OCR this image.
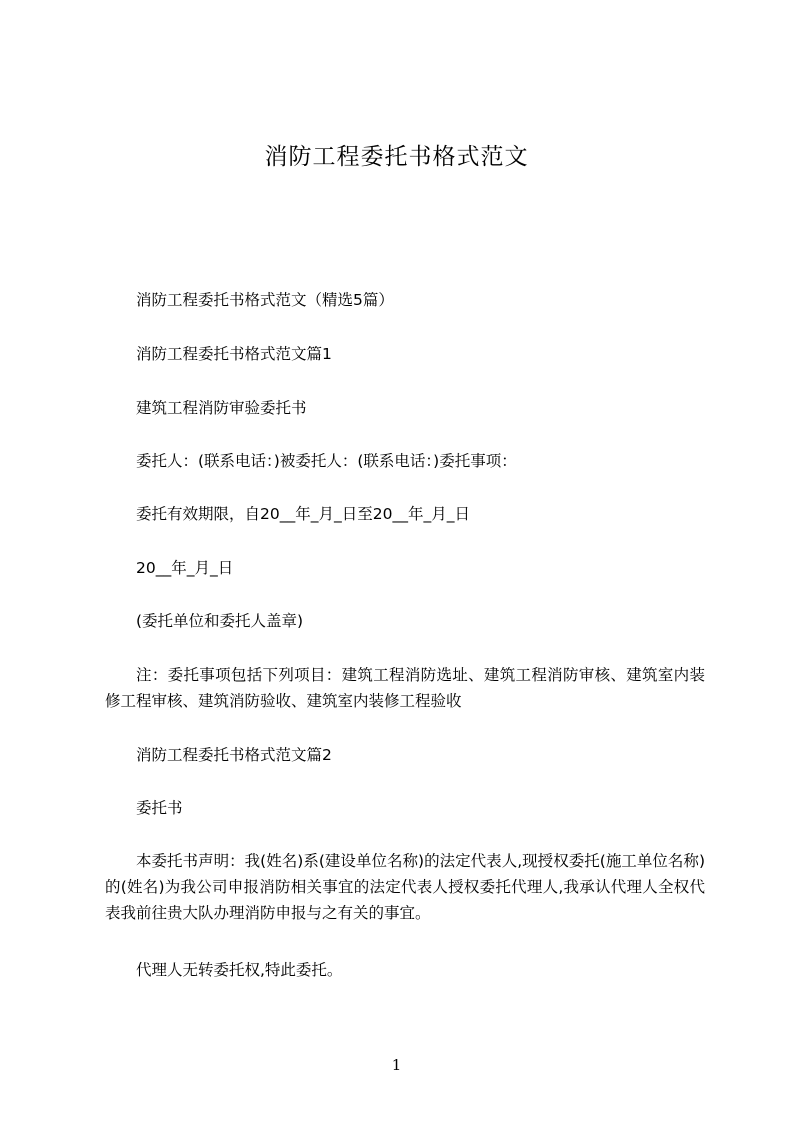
消防工程委托书格式范文
消防工程委托书格式范文（精选5篇）
消防工程委托书格式范文篇1
建筑工程消防审验委托书
委托人：(联系电话：)被委托人：(联系电话：)委托事项：
委托有效期限，自20__年_月_日至20__年_月_日
20__年_月_日
(委托单位和委托人盖章)
注：委托事项包括下列项目：建筑工程消防选址、建筑工程消防审核、建筑室内装修工程审核、建筑消防验收、建筑室内装修工程验收
消防工程委托书格式范文篇2
委托书
本委托书声明：我(姓名)系(建设单位名称)的法定代表人,现授权委托(施工单位名称)的(姓名)为我公司申报消防相关事宜的法定代表人授权委托代理人,我承认代理人全权代表我前往贵大队办理消防申报与之有关的事宜。
代理人无转委托权,特此委托。
1
